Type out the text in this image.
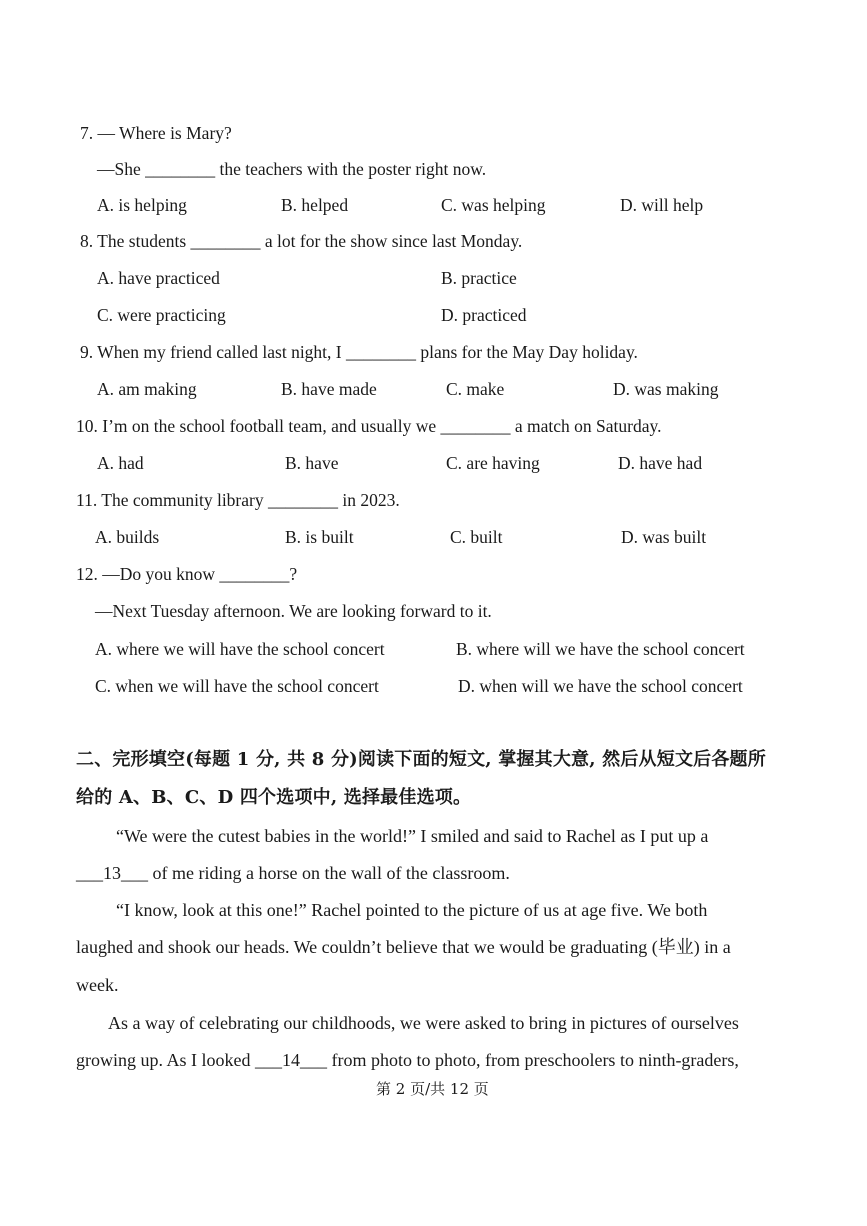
7. — Where is Mary?
—She ________ the teachers with the poster right now.
A. is helping	B. helped	C. was helping	D. will help
8. The students ________ a lot for the show since last Monday.
A. have practiced	B. practice
C. were practicing	D. practiced
9. When my friend called last night, I ________ plans for the May Day holiday.
A. am making	B. have made	C. make	D. was making
10. I’m on the school football team, and usually we ________ a match on Saturday.
A. had	B. have	C. are having	D. have had
11. The community library ________ in 2023.
A. builds	B. is built	C. built	D. was built
12. —Do you know ________?
—Next Tuesday afternoon. We are looking forward to it.
A. where we will have the school concert	B. where will we have the school concert
C. when we will have the school concert	D. when will we have the school concert
二、完形填空(每题 1 分, 共 8 分)阅读下面的短文, 掌握其大意, 然后从短文后各题所
给的 A、B、C、D 四个选项中, 选择最佳选项。
“We were the cutest babies in the world!” I smiled and said to Rachel as I put up a
___13___ of me riding a horse on the wall of the classroom.
“I know, look at this one!” Rachel pointed to the picture of us at age five. We both
laughed and shook our heads. We couldn’t believe that we would be graduating (毕业) in a
week.
As a way of celebrating our childhoods, we were asked to bring in pictures of ourselves
growing up. As I looked ___14___ from photo to photo, from preschoolers to ninth-graders,
第 2 页/共 12 页
